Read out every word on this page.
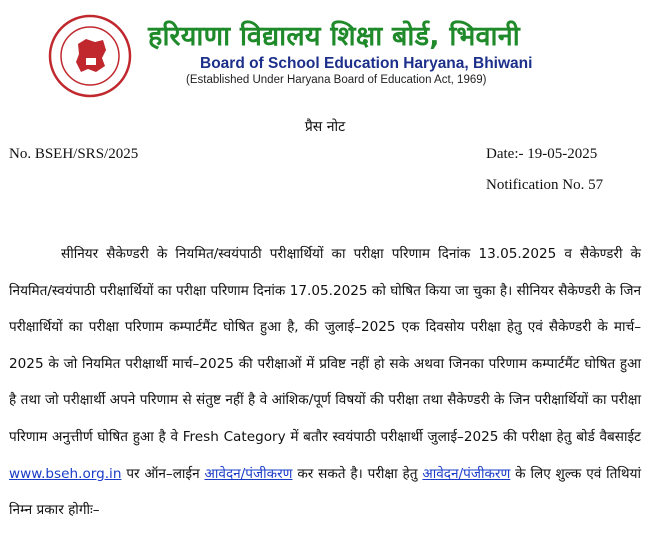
हरियाणा विद्यालय शिक्षा बोर्ड, भिवानी
Board of School Education Haryana, Bhiwani
(Established Under Haryana Board of Education Act, 1969)
प्रैस नोट
No. BSEH/SRS/2025	Date:- 19-05-2025
Notification No. 57
सीनियर सैकेण्डरी के नियमित/स्वयंपाठी परीक्षार्थियों का परीक्षा परिणाम दिनांक 13.05.2025 व सैकेण्डरी के नियमित/स्वयंपाठी परीक्षार्थियों का परीक्षा परिणाम दिनांक 17.05.2025 को घोषित किया जा चुका है। सीनियर सैकेण्डरी के जिन परीक्षार्थियों का परीक्षा परिणाम कम्पार्टमैंट घोषित हुआ है, की जुलाई–2025 एक दिवसोय परीक्षा हेतु एवं सैकेण्डरी के मार्च–2025 के जो नियमित परीक्षार्थी मार्च–2025 की परीक्षाओं में प्रविष्ट नहीं हो सके अथवा जिनका परिणाम कम्पार्टमैंट घोषित हुआ है तथा जो परीक्षार्थी अपने परिणाम से संतुष्ट नहीं है वे आंशिक/पूर्ण विषयों की परीक्षा तथा सैकेण्डरी के जिन परीक्षार्थियों का परीक्षा परिणाम अनुत्तीर्ण घोषित हुआ है वे Fresh Category में बतौर स्वयंपाठी परीक्षार्थी जुलाई–2025 की परीक्षा हेतु बोर्ड वैबसाईट www.bseh.org.in पर ऑन–लाईन आवेदन/पंजीकरण कर सकते है। परीक्षा हेतु आवेदन/पंजीकरण के लिए शुल्क एवं तिथियां निम्न प्रकार होगीः–
